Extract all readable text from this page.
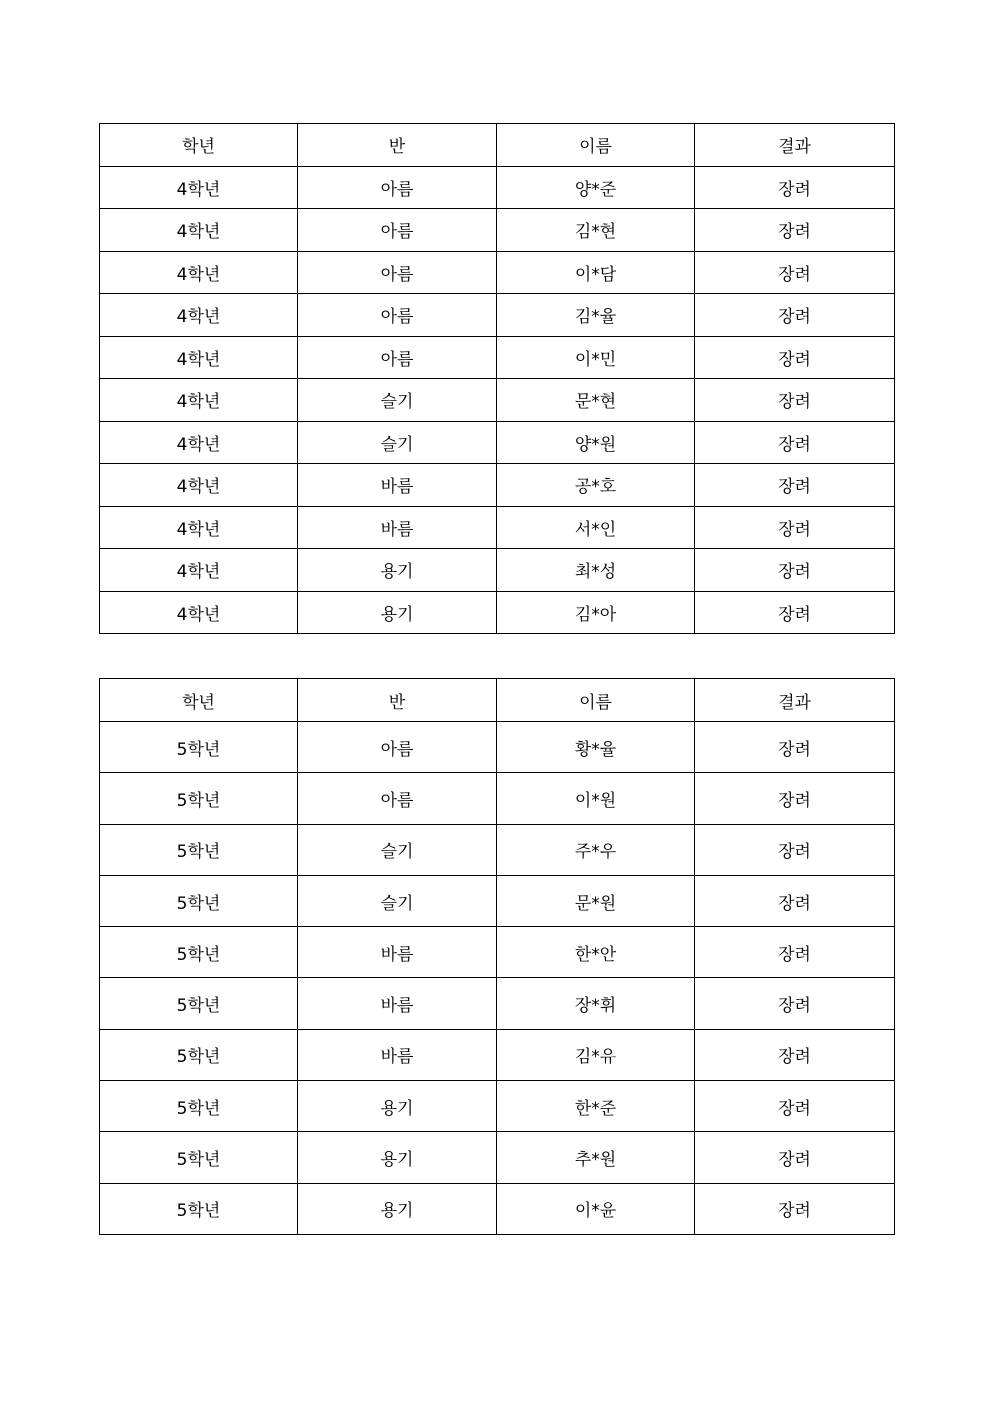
학년	반	이름	결과
4학년	아름	양*준	장려
4학년	아름	김*현	장려
4학년	아름	이*담	장려
4학년	아름	김*율	장려
4학년	아름	이*민	장려
4학년	슬기	문*현	장려
4학년	슬기	양*원	장려
4학년	바름	공*호	장려
4학년	바름	서*인	장려
4학년	용기	최*성	장려
4학년	용기	김*아	장려
학년	반	이름	결과
5학년	아름	황*율	장려
5학년	아름	이*원	장려
5학년	슬기	주*우	장려
5학년	슬기	문*원	장려
5학년	바름	한*안	장려
5학년	바름	장*휘	장려
5학년	바름	김*유	장려
5학년	용기	한*준	장려
5학년	용기	추*원	장려
5학년	용기	이*윤	장려
